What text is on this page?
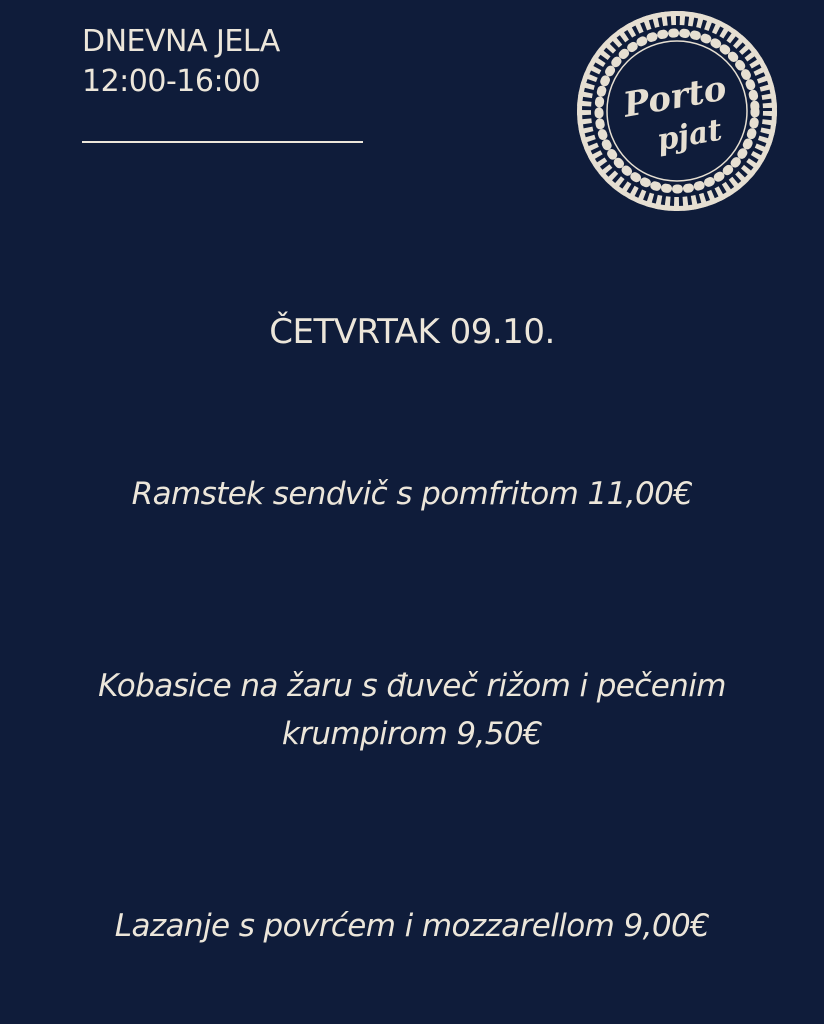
DNEVNA JELA
12:00-16:00	Porto
pjat
ČETVRTAK 09.10.
Ramstek sendvič s pomfritom 11,00€
Kobasice na žaru s đuveč rižom i pečenim
krumpirom 9,50€
Lazanje s povrćem i mozzarellom 9,00€
